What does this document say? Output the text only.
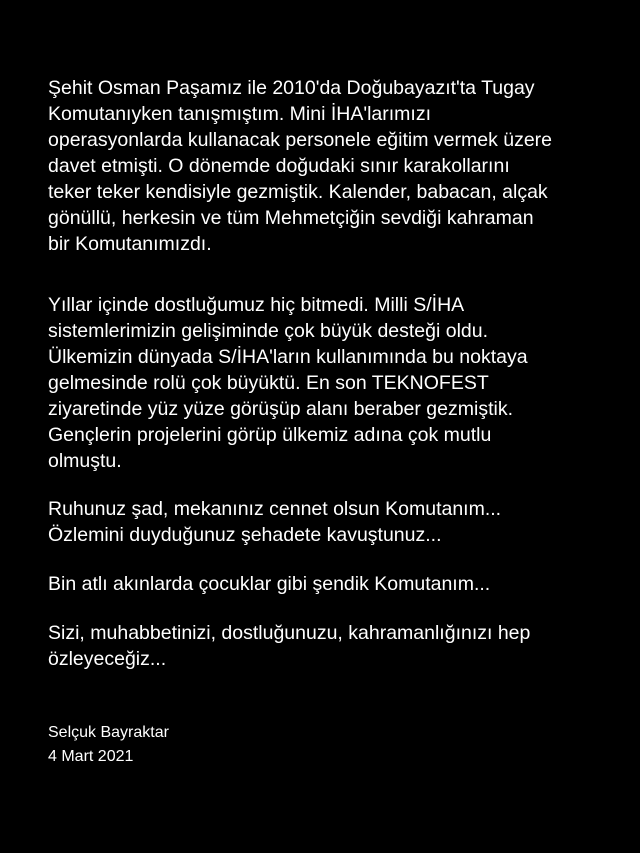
Şehit Osman Paşamız ile 2010'da Doğubayazıt'ta Tugay
Komutanıyken tanışmıştım. Mini İHA'larımızı
operasyonlarda kullanacak personele eğitim vermek üzere
davet etmişti. O dönemde doğudaki sınır karakollarını
teker teker kendisiyle gezmiştik. Kalender, babacan, alçak
gönüllü, herkesin ve tüm Mehmetçiğin sevdiği kahraman
bir Komutanımızdı.
Yıllar içinde dostluğumuz hiç bitmedi. Milli S/İHA
sistemlerimizin gelişiminde çok büyük desteği oldu.
Ülkemizin dünyada S/İHA'ların kullanımında bu noktaya
gelmesinde rolü çok büyüktü. En son TEKNOFEST
ziyaretinde yüz yüze görüşüp alanı beraber gezmiştik.
Gençlerin projelerini görüp ülkemiz adına çok mutlu
olmuştu.
Ruhunuz şad, mekanınız cennet olsun Komutanım...
Özlemini duyduğunuz şehadete kavuştunuz...
Bin atlı akınlarda çocuklar gibi şendik Komutanım...
Sizi, muhabbetinizi, dostluğunuzu, kahramanlığınızı hep
özleyeceğiz...
Selçuk Bayraktar
4 Mart 2021
